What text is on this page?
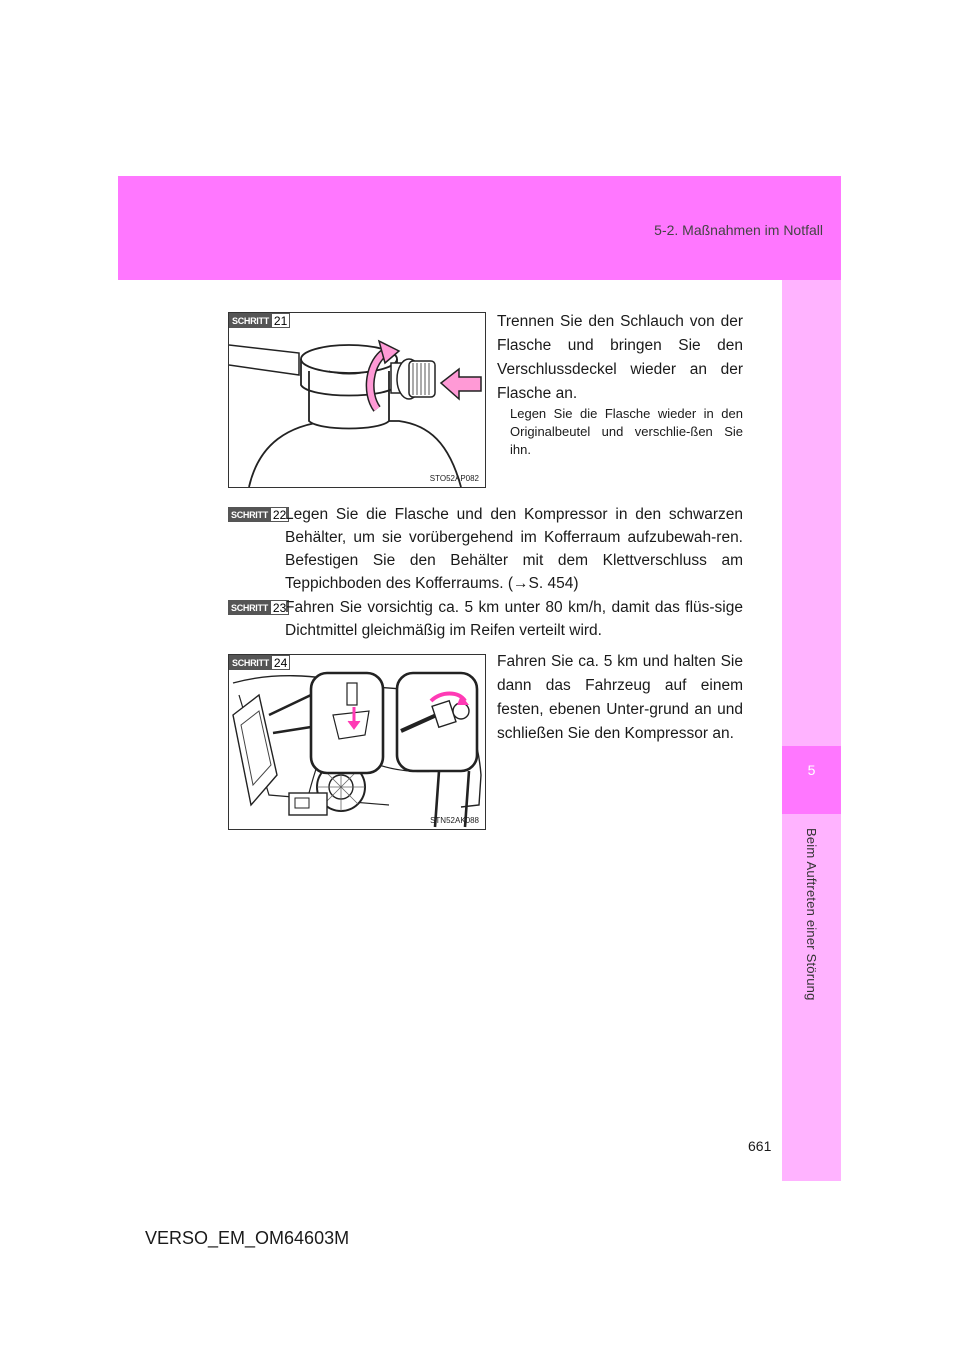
5-2. Maßnahmen im Notfall
5
Beim Auftreten einer Störung
STO52AP082
SCHRITT 21	Trennen Sie den Schlauch von der Flasche und bringen Sie den Verschlussdeckel wieder an der Flasche an.
Legen Sie die Flasche wieder in den Originalbeutel und verschlie-ßen Sie ihn.
SCHRITT 22
Legen Sie die Flasche und den Kompressor in den schwarzen Behälter, um sie vorübergehend im Kofferraum aufzubewah-ren. Befestigen Sie den Behälter mit dem Klettverschluss am Teppichboden des Kofferraums. (→S. 454)
SCHRITT 23
Fahren Sie vorsichtig ca. 5 km unter 80 km/h, damit das flüs-sige Dichtmittel gleichmäßig im Reifen verteilt wird.
STN52AK088
SCHRITT 24	Fahren Sie ca. 5 km und halten Sie dann das Fahrzeug auf einem festen, ebenen Unter-grund an und schließen Sie den Kompressor an.
661
VERSO_EM_OM64603M
